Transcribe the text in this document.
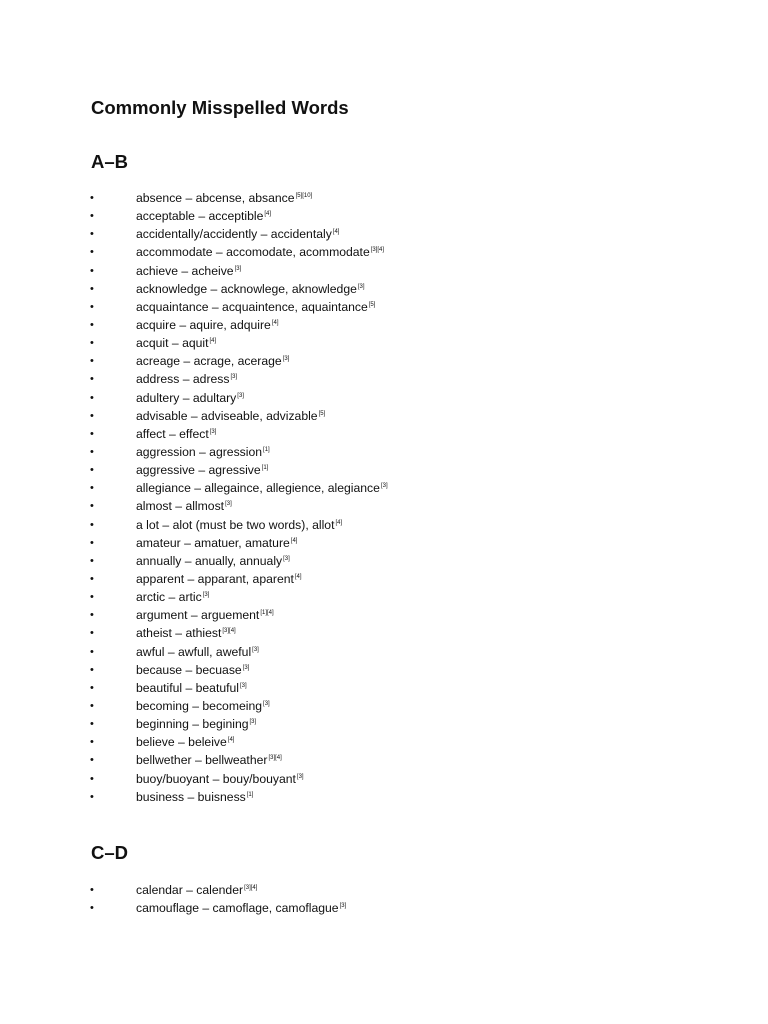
Commonly Misspelled Words
A–B
•	absence – abcense, absance[5][10]
•	acceptable – acceptible[4]
•	accidentally/accidently – accidentaly[4]
•	accommodate – accomodate, acommodate[3][4]
•	achieve – acheive[3]
•	acknowledge – acknowlege, aknowledge[3]
•	acquaintance – acquaintence, aquaintance[5]
•	acquire – aquire, adquire[4]
•	acquit – aquit[4]
•	acreage – acrage, acerage[3]
•	address – adress[3]
•	adultery – adultary[3]
•	advisable – adviseable, advizable[5]
•	affect – effect[3]
•	aggression – agression[1]
•	aggressive – agressive[1]
•	allegiance – allegaince, allegience, alegiance[3]
•	almost – allmost[3]
•	a lot – alot (must be two words), allot[4]
•	amateur – amatuer, amature[4]
•	annually – anually, annualy[3]
•	apparent – apparant, aparent[4]
•	arctic – artic[3]
•	argument – arguement[1][4]
•	atheist – athiest[3][4]
•	awful – awfull, aweful[3]
•	because – becuase[3]
•	beautiful – beatuful[3]
•	becoming – becomeing[3]
•	beginning – begining[3]
•	believe – beleive[4]
•	bellwether – bellweather[3][4]
•	buoy/buoyant – bouy/bouyant[3]
•	business – buisness[1]
C–D
•	calendar – calender[3][4]
•	camouflage – camoflage, camoflague[3]
